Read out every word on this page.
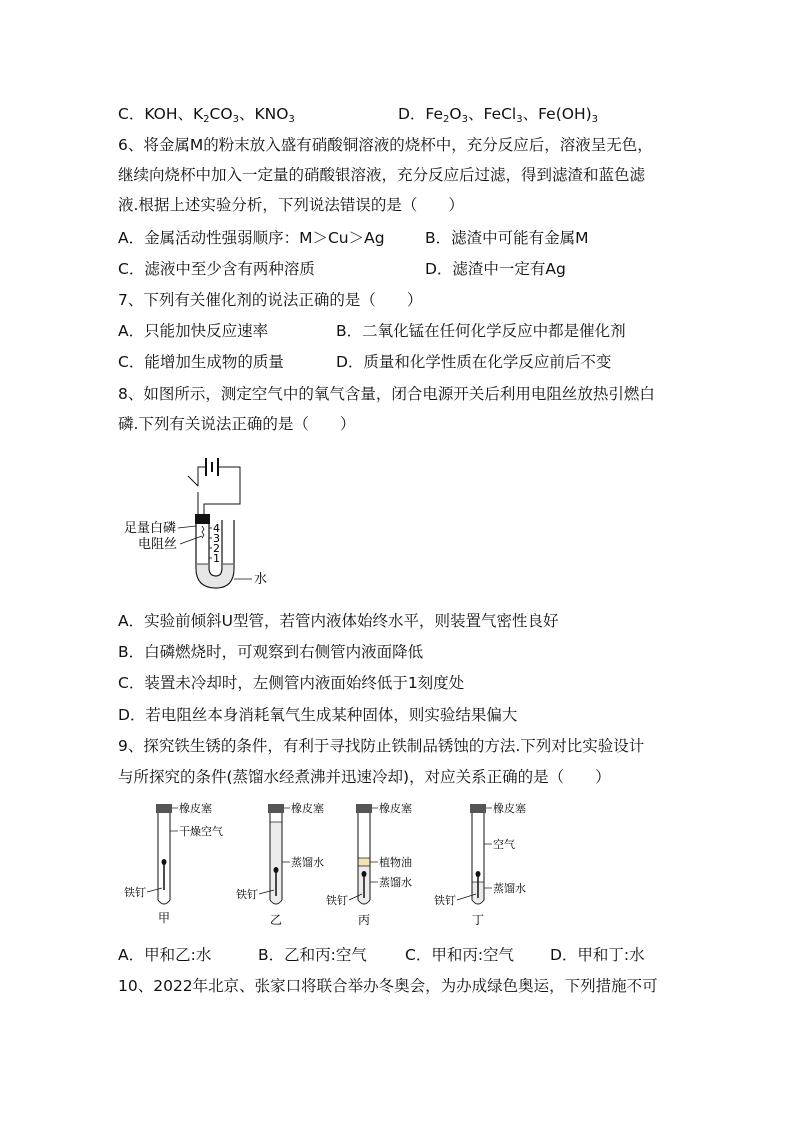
C．KOH、$K_2CO_3$、$KNO_3$	D．$Fe_2O_3$、FeCl$_3$、$Fe(OH)_3$
6、将金属M的粉末放入盛有硝酸铜溶液的烧杯中，充分反应后，溶液呈无色，
继续向烧杯中加入一定量的硝酸银溶液，充分反应后过滤，得到滤渣和蓝色滤
液.根据上述实验分析，下列说法错误的是（　　）
A．金属活动性强弱顺序：M＞Cu＞Ag	B．滤渣中可能有金属M
C．滤液中至少含有两种溶质	D．滤渣中一定有Ag
7、下列有关催化剂的说法正确的是（　　）
A．只能加快反应速率	B．二氧化锰在任何化学反应中都是催化剂
C．能增加生成物的质量	D．质量和化学性质在化学反应前后不变
8、如图所示，测定空气中的氧气含量，闭合电源开关后利用电阻丝放热引燃白
磷.下列有关说法正确的是（　　）
4
3
2
1
足量白磷
电阻丝
水
A．实验前倾斜U型管，若管内液体始终水平，则装置气密性良好
B．白磷燃烧时，可观察到右侧管内液面降低
C．装置未冷却时，左侧管内液面始终低于1刻度处
D．若电阻丝本身消耗氧气生成某种固体，则实验结果偏大
9、探究铁生锈的条件，有利于寻找防止铁制品锈蚀的方法.下列对比实验设计
与所探究的条件(蒸馏水经煮沸并迅速冷却)，对应关系正确的是（　　）
橡皮塞
干燥空气
铁钉
甲
橡皮塞
蒸馏水
铁钉
乙
橡皮塞
植物油
蒸馏水
铁钉
丙
橡皮塞
空气
蒸馏水
铁钉
丁
A．甲和乙:水	B．乙和丙:空气 C．甲和丙:空气 D．甲和丁:水
10、2022年北京、张家口将联合举办冬奥会，为办成绿色奥运，下列措施不可
